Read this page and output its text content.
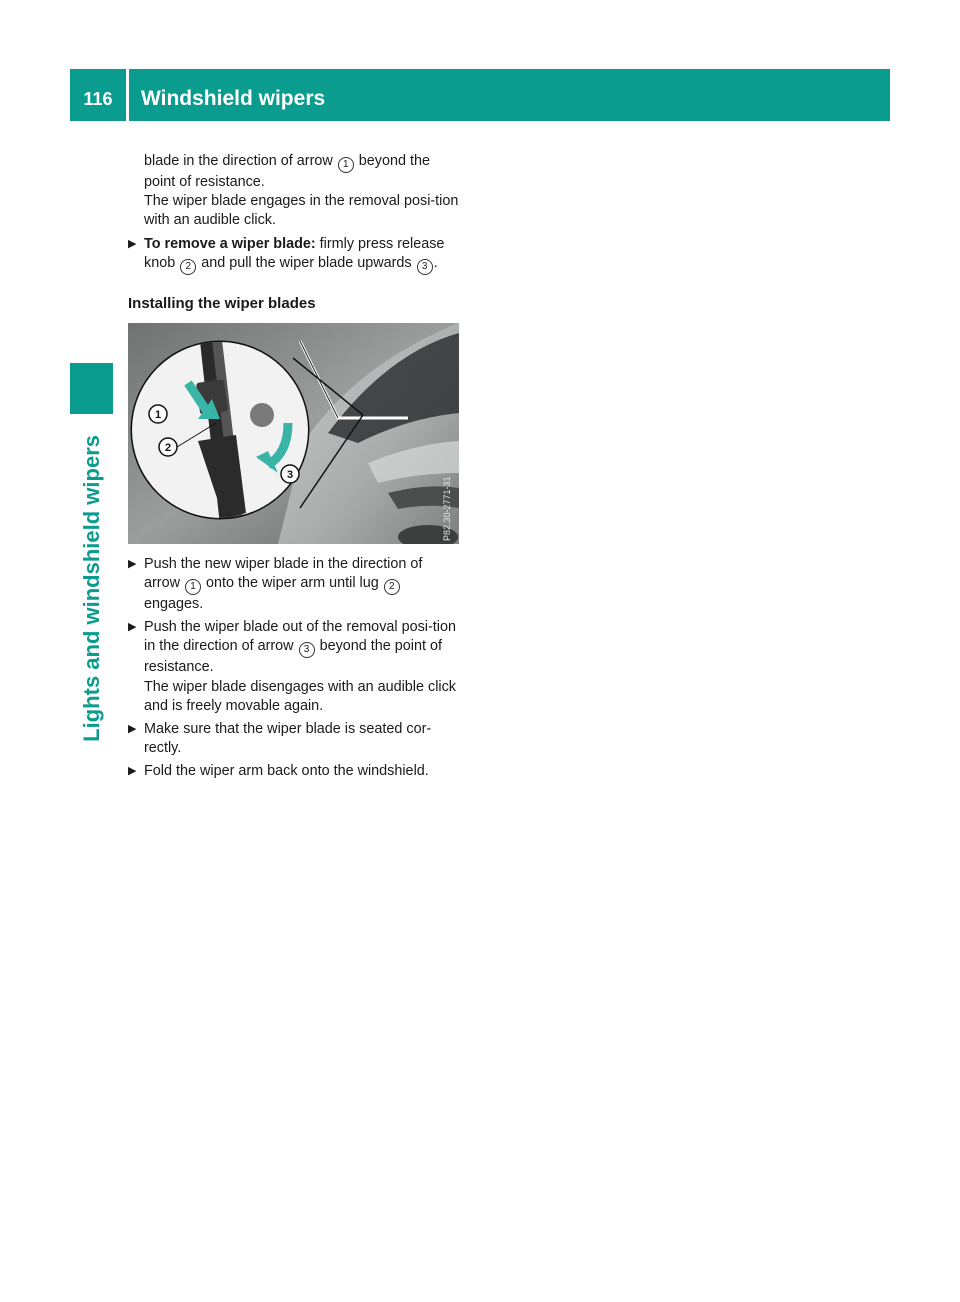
116	Windshield wipers
Lights and windshield wipers

blade in the direction of arrow 1 beyond the point of resistance.
The wiper blade engages in the removal posi-tion with an audible click.

▶ To remove a wiper blade: firmly press release knob 2 and pull the wiper blade upwards 3 .
Installing the wiper blades
1
2
3
P82.30-2771-31
▶ Push the new wiper blade in the direction of arrow 1 onto the wiper arm until lug 2 engages.
▶ Push the wiper blade out of the removal posi-tion in the direction of arrow 3 beyond the point of resistance.
The wiper blade disengages with an audible click and is freely movable again.
▶ Make sure that the wiper blade is seated cor-rectly.
▶ Fold the wiper arm back onto the windshield.
